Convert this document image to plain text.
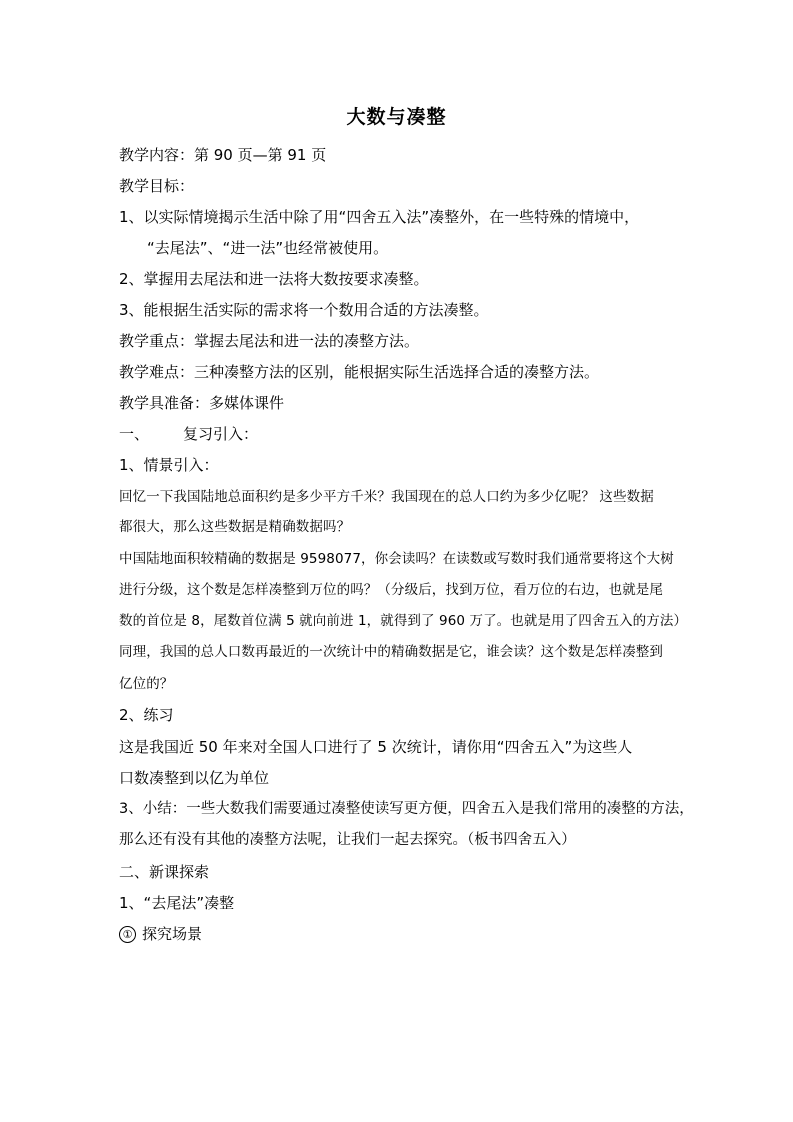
大数与凑整
教学内容：第 90 页—第 91 页
教学目标：
1、以实际情境揭示生活中除了用“四舍五入法”凑整外，在一些特殊的情境中，
“去尾法”、“进一法”也经常被使用。
2、掌握用去尾法和进一法将大数按要求凑整。
3、能根据生活实际的需求将一个数用合适的方法凑整。
教学重点：掌握去尾法和进一法的凑整方法。
教学难点：三种凑整方法的区别，能根据实际生活选择合适的凑整方法。
教学具准备：多媒体课件
一、 复习引入：
1、情景引入：
回忆一下我国陆地总面积约是多少平方千米？我国现在的总人口约为多少亿呢？ 这些数据
都很大，那么这些数据是精确数据吗？
中国陆地面积较精确的数据是 9598077，你会读吗？在读数或写数时我们通常要将这个大树
进行分级，这个数是怎样凑整到万位的吗？（分级后，找到万位，看万位的右边，也就是尾
数的首位是 8，尾数首位满 5 就向前进 1，就得到了 960 万了。也就是用了四舍五入的方法）
同理，我国的总人口数再最近的一次统计中的精确数据是它，谁会读？这个数是怎样凑整到
亿位的？
2、练习
这是我国近 50 年来对全国人口进行了 5 次统计，请你用“四舍五入”为这些人
口数凑整到以亿为单位
3、小结：一些大数我们需要通过凑整使读写更方便，四舍五入是我们常用的凑整的方法，
那么还有没有其他的凑整方法呢，让我们一起去探究。（板书四舍五入）
二、新课探索
1、“去尾法”凑整
① 探究场景
